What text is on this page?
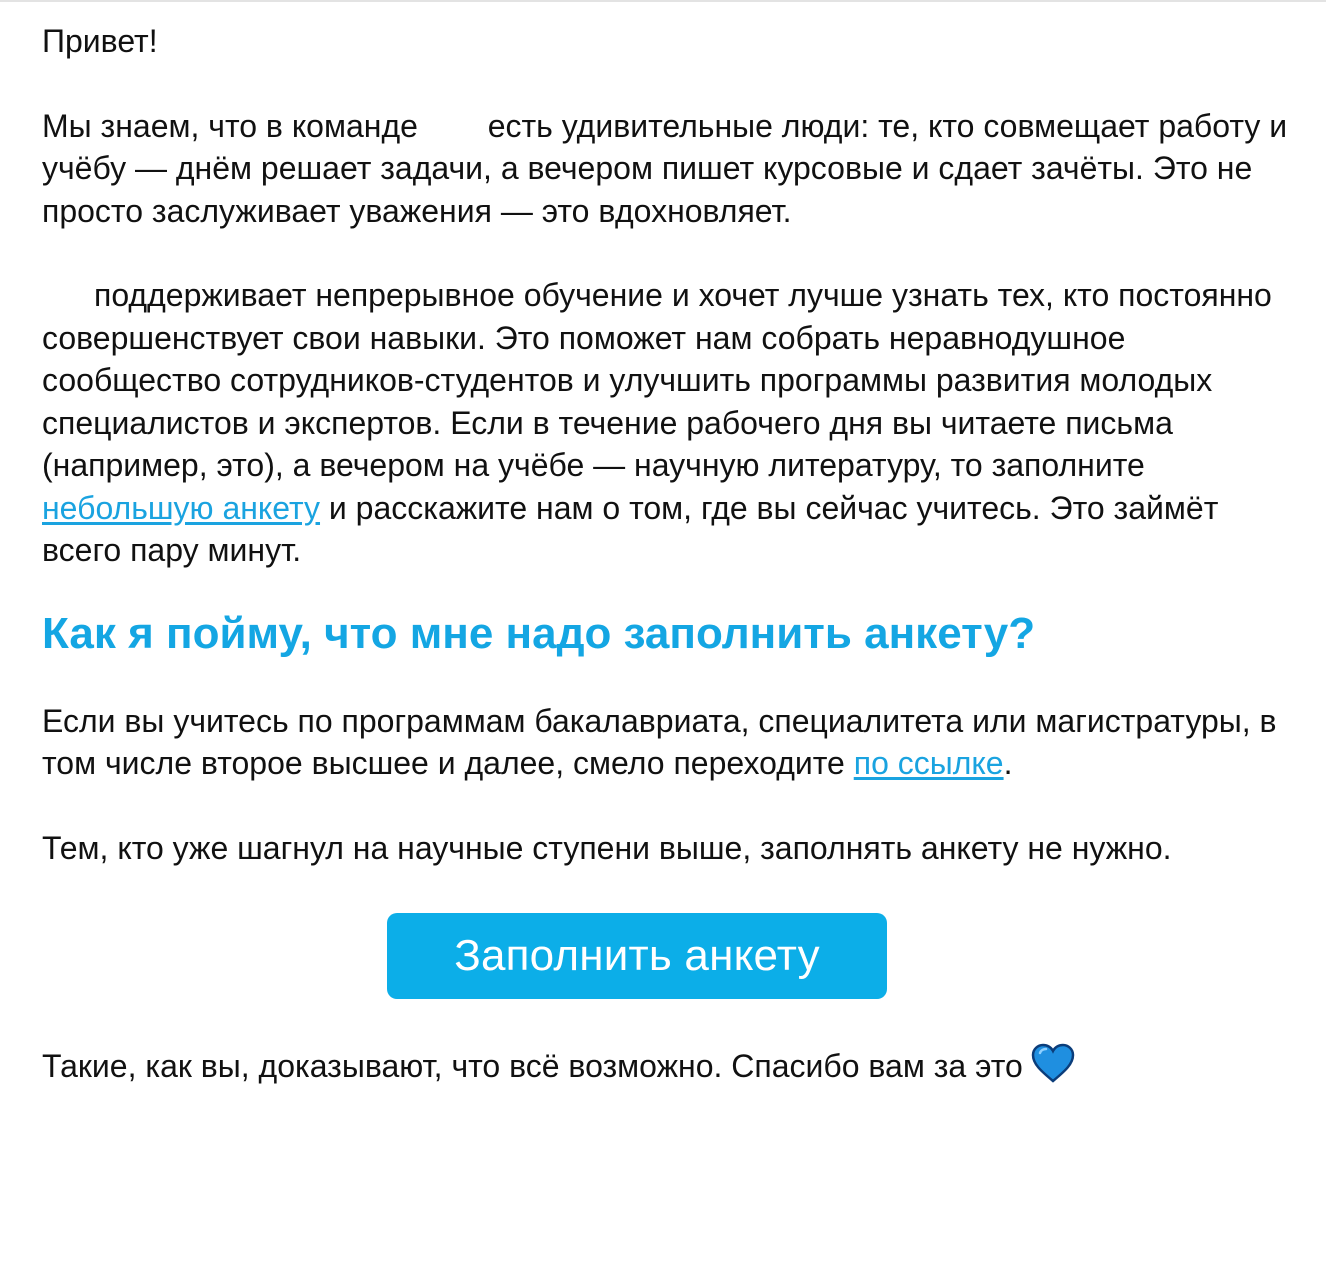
Привет!

Мы знаем, что в команде  есть удивительные люди: те, кто совмещает работу и учёбу — днём решает задачи, а вечером пишет курсовые и сдает зачёты. Это не просто заслуживает уважения — это вдохновляет.

поддерживает непрерывное обучение и хочет лучше узнать тех, кто постоянно совершенствует свои навыки. Это поможет нам собрать неравнодушное сообщество сотрудников-студентов и улучшить программы развития молодых специалистов и экспертов. Если в течение рабочего дня вы читаете письма (например, это), а вечером на учёбе — научную литературу, то заполните небольшую анкету и расскажите нам о том, где вы сейчас учитесь. Это займёт всего пару минут.

Как я пойму, что мне надо заполнить анкету?

Если вы учитесь по программам бакалавриата, специалитета или магистратуры, в том числе второе высшее и далее, смело переходите по ссылке.

Тем, кто уже шагнул на научные ступени выше, заполнять анкету не нужно.

Заполнить анкету

Такие, как вы, доказывают, что всё возможно. Спасибо вам за это
